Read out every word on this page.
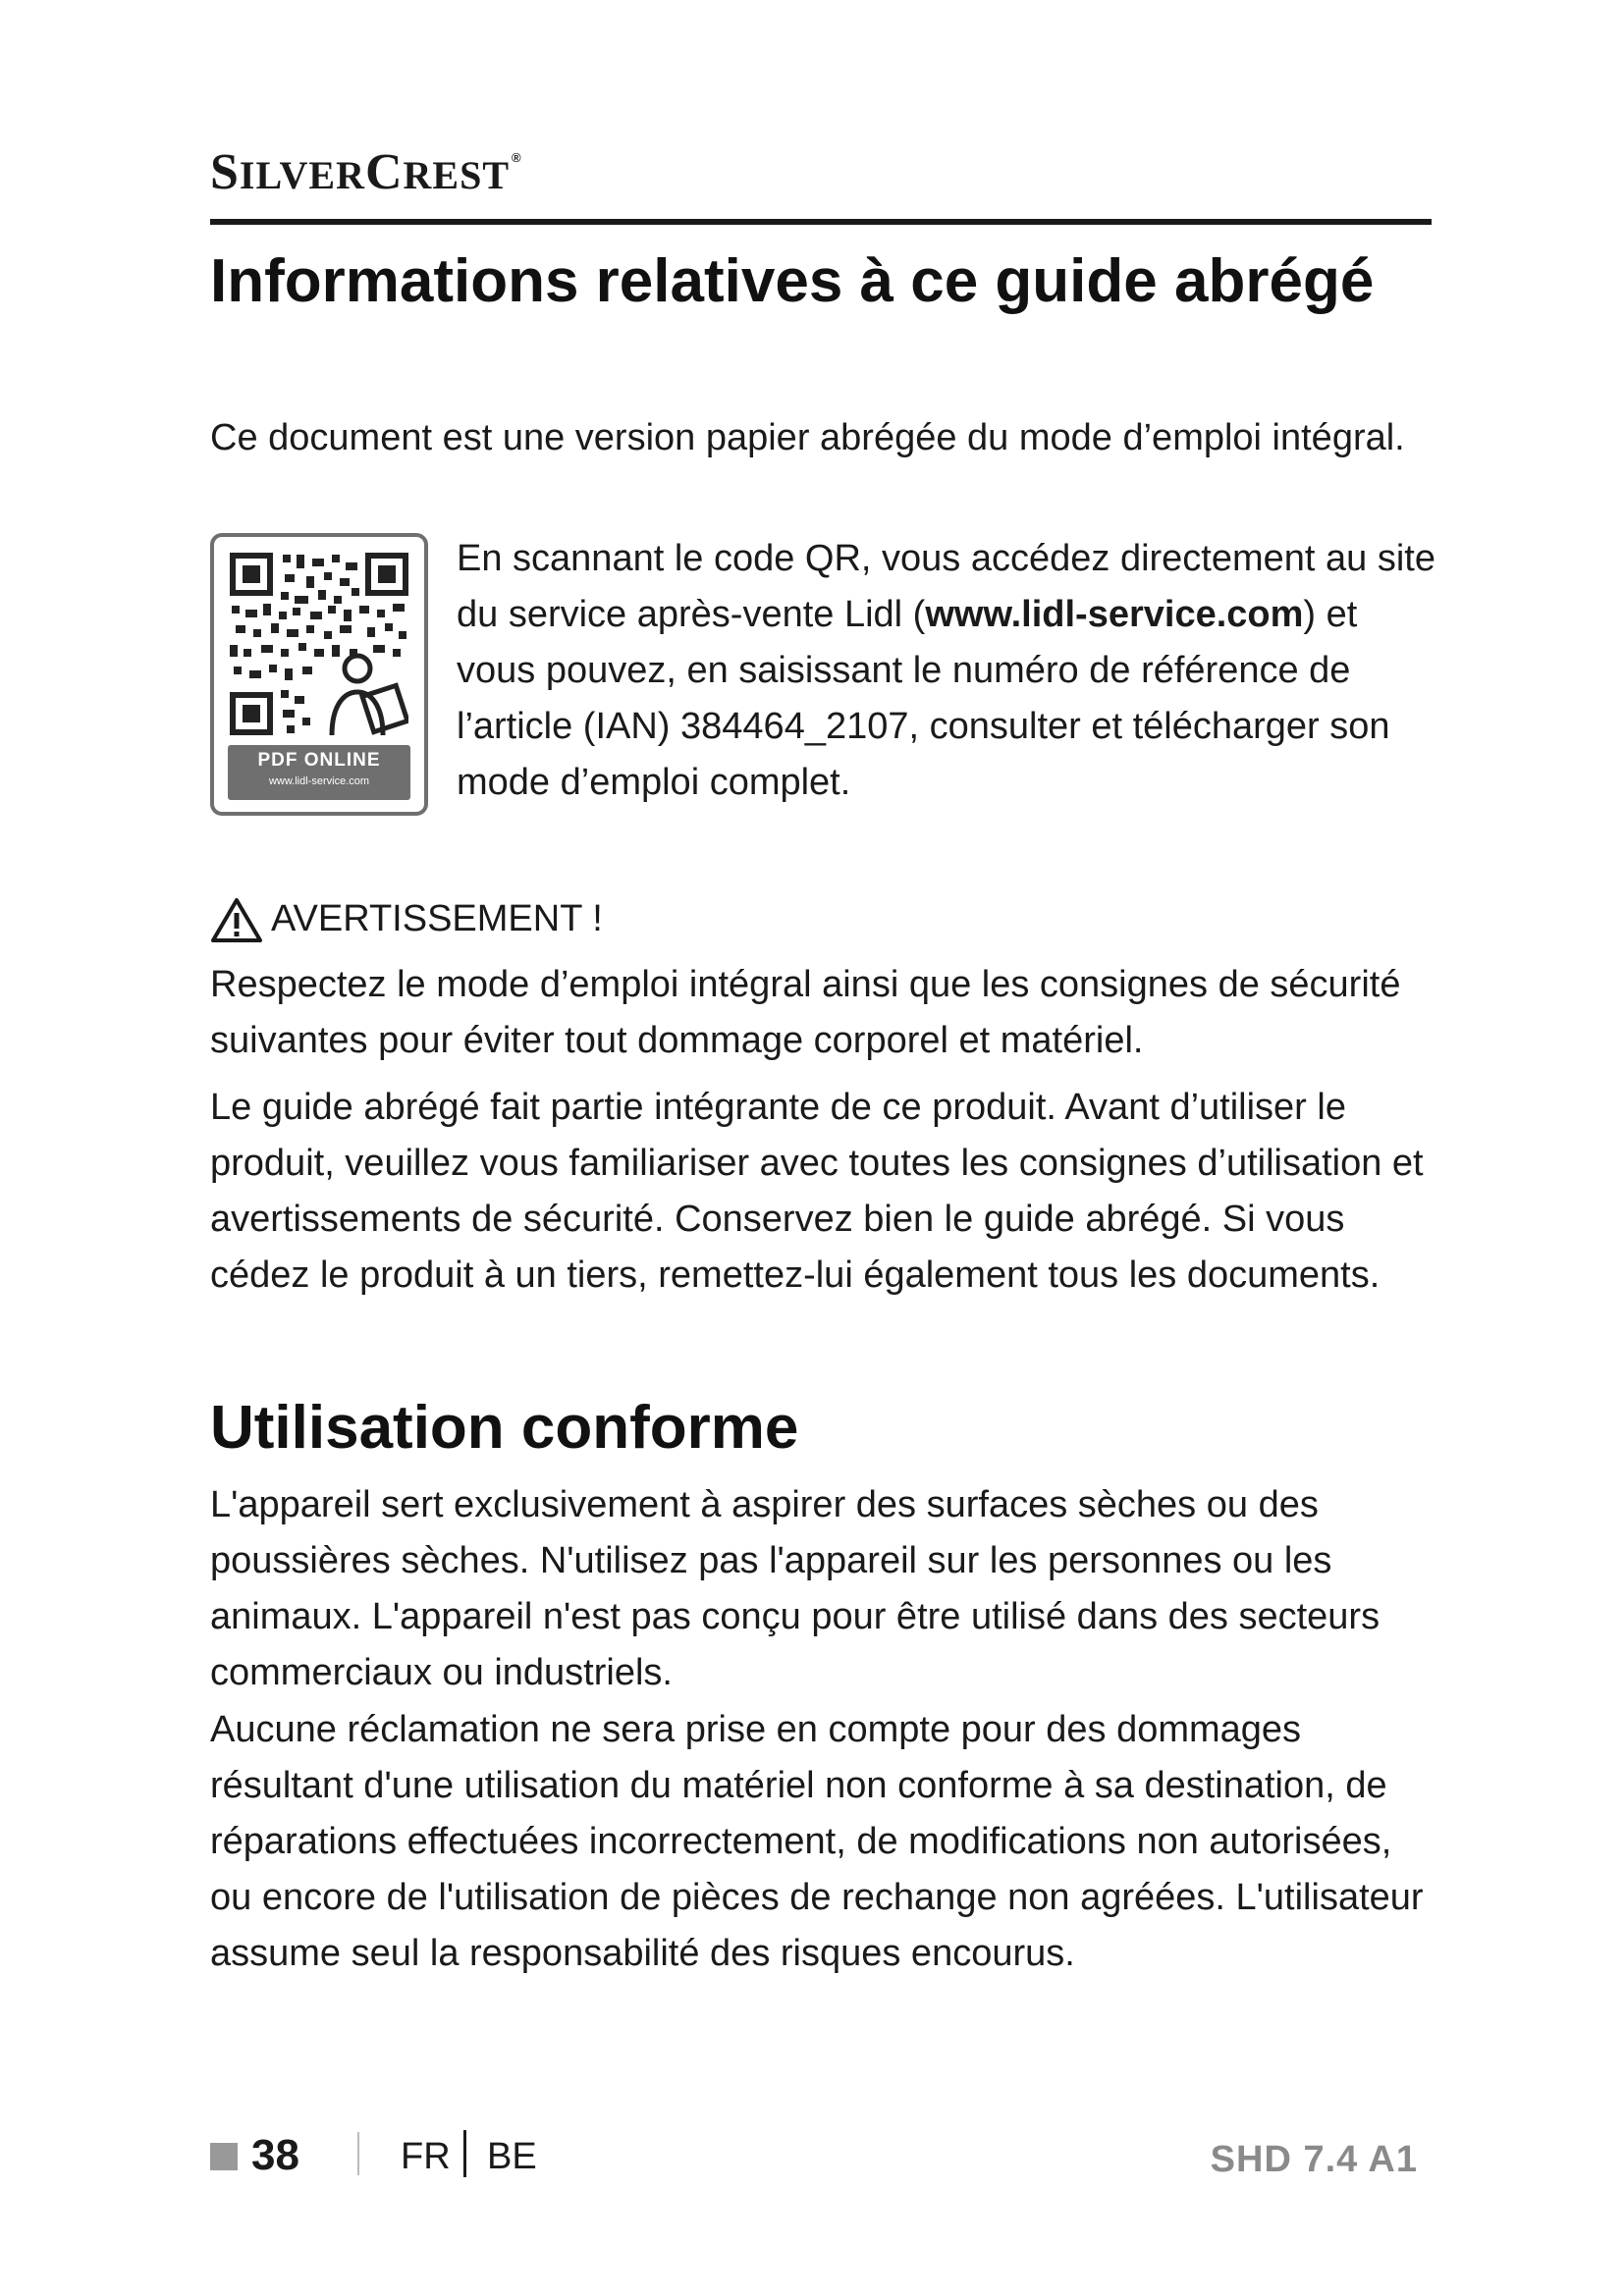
SILVERCREST ®
Informations relatives à ce guide abrégé

Ce document est une version papier abrégée du mode d’emploi intégral.

PDF ONLINE
www.lidl-service.com

En scannant le code QR, vous accédez directement au site du service après-vente Lidl (www.lidl-service.com) et vous pouvez, en saisissant le numéro de référence de l’article (IAN) 384464_2107, consulter et télécharger son mode d’emploi complet.

AVERTISSEMENT !

Respectez le mode d’emploi intégral ainsi que les consignes de sécurité suivantes pour éviter tout dommage corporel et matériel.

Le guide abrégé fait partie intégrante de ce produit. Avant d’utiliser le produit, veuillez vous familiariser avec toutes les consignes d’utilisation et avertissements de sécurité. Conservez bien le guide abrégé. Si vous cédez le produit à un tiers, remettez-lui également tous les documents.

Utilisation conforme

L'appareil sert exclusivement à aspirer des surfaces sèches ou des poussières sèches. N'utilisez pas l'appareil sur les personnes ou les animaux. L'appareil n'est pas conçu pour être utilisé dans des secteurs commerciaux ou industriels.

Aucune réclamation ne sera prise en compte pour des dommages résultant d'une utilisation du matériel non conforme à sa destination, de réparations effectuées incorrectement, de modifications non autorisées, ou encore de l'utilisation de pièces de rechange non agréées. L'utilisateur assume seul la responsabilité des risques encourus.

38	FR BE	SHD 7.4 A1
